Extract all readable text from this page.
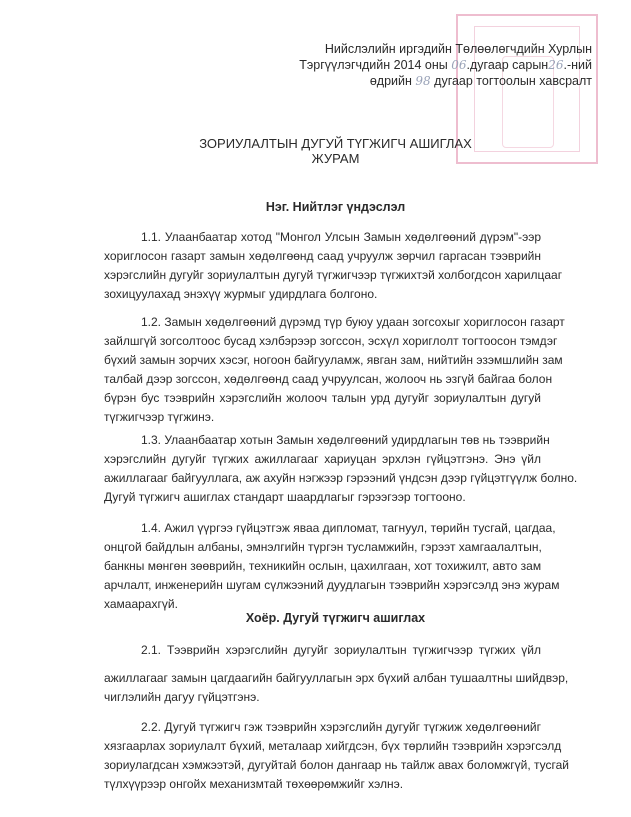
Нийслэлийн иргэдийн Төлөөлөгчдийн Хурлын
Тэргүүлэгчдийн 2014 оны 06.дугаар сарын26.-ний
өдрийн 98 дугаар тогтоолын хавсралт
ЗОРИУЛАЛТЫН ДУГУЙ ТҮГЖИГЧ АШИГЛАХ
ЖУРАМ
Нэг. Нийтлэг үндэслэл
1.1. Улаанбаатар хотод "Монгол Улсын Замын хөдөлгөөний дүрэм"-ээр
хориглосон газарт замын хөдөлгөөнд саад учруулж зөрчил гаргасан тээврийн
хэрэгслийн дугуйг зориулалтын дугуй түгжигчээр түгжихтэй холбогдсон харилцааг
зохицуулахад энэхүү журмыг удирдлага болгоно.
1.2. Замын хөдөлгөөний дүрэмд түр буюу удаан зогсохыг хориглосон газарт
зайлшгүй зогсолтоос бусад хэлбэрээр зогссон, эсхүл хориглолт тогтоосон тэмдэг
бүхий замын зорчих хэсэг, ногоон байгууламж, явган зам, нийтийн эзэмшлийн зам
талбай дээр зогссон, хөдөлгөөнд саад учруулсан, жолооч нь эзгүй байгаа болон
бүрэн бус тээврийн хэрэгслийн жолооч талын урд дугуйг зориулалтын дугуй
түгжигчээр түгжинэ.
1.3. Улаанбаатар хотын Замын хөдөлгөөний удирдлагын төв нь тээврийн
хэрэгслийн дугуйг түгжих ажиллагааг хариуцан эрхлэн гүйцэтгэнэ. Энэ үйл
ажиллагааг байгууллага, аж ахуйн нэгжээр гэрээний үндсэн дээр гүйцэтгүүлж болно.
Дугуй түгжигч ашиглах стандарт шаардлагыг гэрээгээр тогтооно.
1.4. Ажил үүргээ гүйцэтгэж яваа дипломат, тагнуул, төрийн тусгай, цагдаа,
онцгой байдлын албаны, эмнэлгийн түргэн тусламжийн, гэрээт хамгаалалтын,
банкны мөнгөн зөөврийн, техникийн ослын, цахилгаан, хот тохижилт, авто зам
арчлалт, инженерийн шугам сүлжээний дуудлагын тээврийн хэрэгсэлд энэ журам
хамаарахгүй.
Хоёр. Дугуй түгжигч ашиглах
2.1. Тээврийн хэрэгслийн дугуйг зориулалтын түгжигчээр түгжих үйл
ажиллагааг замын цагдаагийн байгууллагын эрх бүхий албан тушаалтны шийдвэр,
чиглэлийн дагуу гүйцэтгэнэ.
2.2. Дугуй түгжигч гэж тээврийн хэрэгслийн дугуйг түгжиж хөдөлгөөнийг
хязгаарлах зориулалт бүхий, металаар хийгдсэн, бүх төрлийн тээврийн хэрэгсэлд
зориулагдсан хэмжээтэй, дугуйтай болон дангаар нь тайлж авах боломжгүй, тусгай
түлхүүрээр онгойх механизмтай төхөөрөмжийг хэлнэ.
